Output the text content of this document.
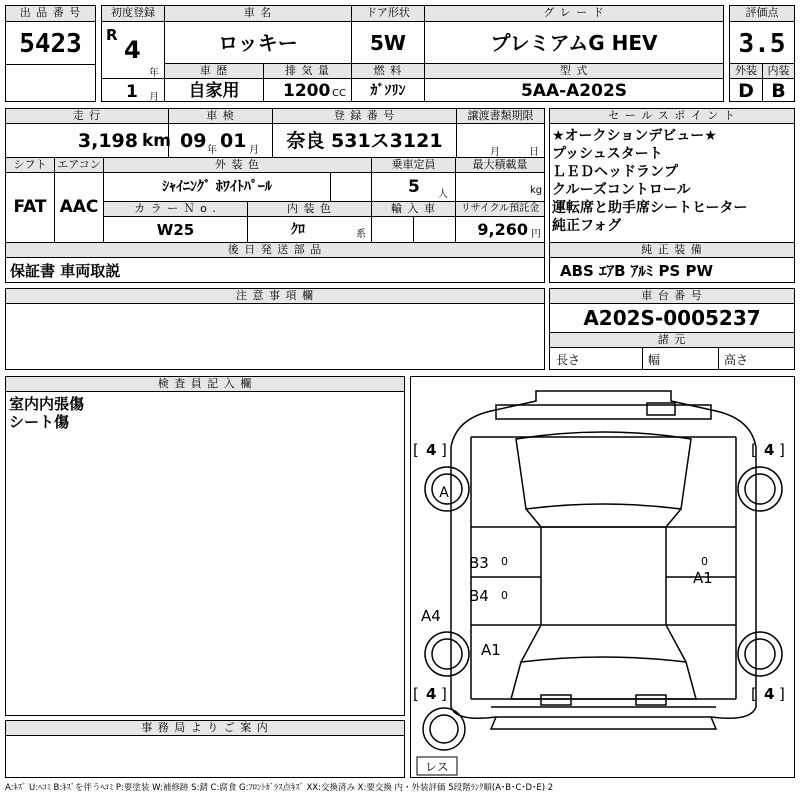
出 品 番 号
5423
初度登録
R
4
年
1 月
車 名
ロッキー
ドア形状
5W
グ レ ー ド
プレミアムG HEV
車 歴	排 気 量	燃 料	型 式
自家用	1200 CC	ｶﾞｿﾘﾝ	5AA-A202S
評価点
3.5
外装 内装
D B
走 行	車 検	登 録 番 号	譲渡書類期限
3,198 km 09 年 01 月	奈良 531ス3121
月	日
シフト エアコン	外 装 色	乗車定員	最大積載量
FAT AAC
ｼｬｲﾆﾝｸﾞ ﾎﾜｲﾄﾊﾟｰﾙ	5 人	kg
カ ラ ー Ｎ o .	内 装 色	輸 入 車	リサイクル預託金
W25	ｸﾛ	系	9,260 円
後 日 発 送 部 品
保証書 車両取説
セ ー ル ス ポ イ ン ト
★オークションデビュー★
プッシュスタート
ＬＥＤヘッドランプ
クルーズコントロール
運転席と助手席シートヒーター
純正フォグ
純 正 装 備
ABS ｴｱB ｱﾙﾐ PS PW
注 意 事 項 欄	車 台 番 号
A202S-0005237
諸 元
長さ	幅	高さ
検 査 員 記 入 欄
室内内張傷
シート傷
事 務 局 よ り ご 案 内
A
B3
B4
A1
A4
A1
0
0
0
[ 4 ]	[ 4 ]
[ 4 ]	[ 4 ]
レス
A:ｷｽﾞ U:ﾍｺﾐ B:ｷｽﾞを伴うﾍｺﾐ P:要塗装 W:補修跡 S:錆 C:腐食 G:ﾌﾛﾝﾄｶﾞﾗｽ点ｷｽﾞ XX:交換済み X:要交換 内・外装評価 5段階ﾗﾝｸ順(A･B･C･D･E) 2
